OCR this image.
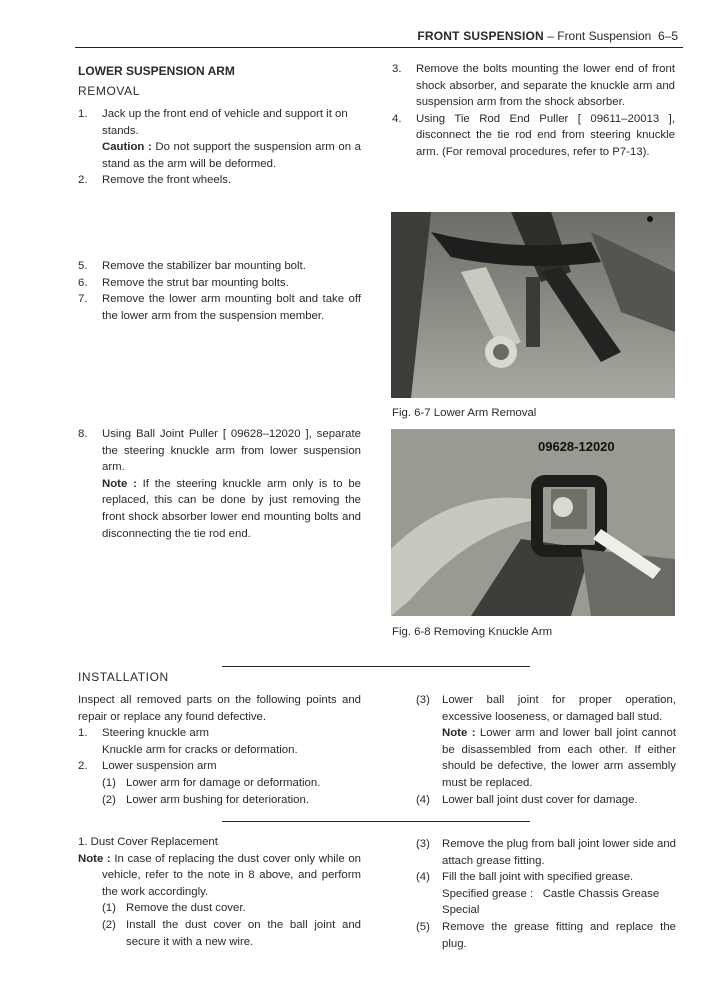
FRONT SUSPENSION – Front Suspension 6–5
LOWER SUSPENSION ARM
REMOVAL
1. Jack up the front end of vehicle and support it on stands.
Caution : Do not support the suspension arm on a stand as the arm will be deformed.
2. Remove the front wheels.
5. Remove the stabilizer bar mounting bolt.
6. Remove the strut bar mounting bolts.
7. Remove the lower arm mounting bolt and take off the lower arm from the suspension member.
8. Using Ball Joint Puller [ 09628–12020 ], separate the steering knuckle arm from lower suspension arm.
Note : If the steering knuckle arm only is to be replaced, this can be done by just removing the front shock absorber lower end mounting bolts and disconnecting the tie rod end.
3. Remove the bolts mounting the lower end of front shock absorber, and separate the knuckle arm and suspension arm from the shock absorber.
4. Using Tie Rod End Puller [ 09611–20013 ], disconnect the tie rod end from steering knuckle arm. (For removal procedures, refer to P7-13).
Fig. 6-7 Lower Arm Removal
09628-12020
Fig. 6-8 Removing Knuckle Arm
INSTALLATION
Inspect all removed parts on the following points and repair or replace any found defective.
1. Steering knuckle arm
Knuckle arm for cracks or deformation.
2. Lower suspension arm
(1) Lower arm for damage or deformation.
(2) Lower arm bushing for deterioration.
(3) Lower ball joint for proper operation, excessive looseness, or damaged ball stud.
Note : Lower arm and lower ball joint cannot be disassembled from each other. If either should be defective, the lower arm assembly must be replaced.
(4) Lower ball joint dust cover for damage.
1. Dust Cover Replacement
Note : In case of replacing the dust cover only while on vehicle, refer to the note in 8 above, and perform the work accordingly.
(1) Remove the dust cover.
(2) Install the dust cover on the ball joint and secure it with a new wire.
(3) Remove the plug from ball joint lower side and attach grease fitting.
(4) Fill the ball joint with specified grease.
Specified grease : Castle Chassis Grease Special
(5) Remove the grease fitting and replace the plug.
